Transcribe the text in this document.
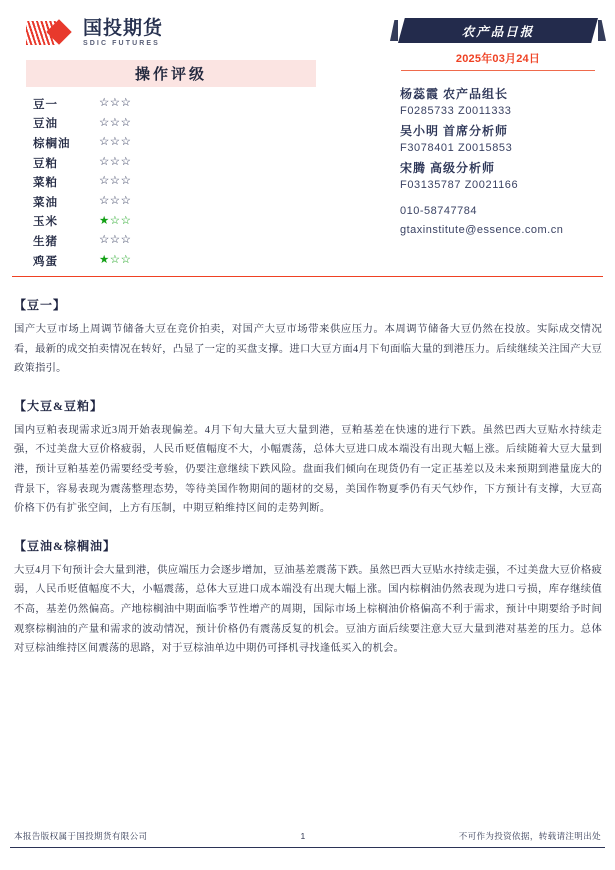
国投期货
SDIC FUTURES
操作评级
豆一	☆☆☆
豆油	☆☆☆
棕榈油	☆☆☆
豆粕	☆☆☆
菜粕	☆☆☆
菜油	☆☆☆
玉米	★☆☆
生猪	☆☆☆
鸡蛋	★☆☆
农产品日报
2025年03月24日
杨蕊霞 农产品组长
F0285733 Z0011333
吴小明 首席分析师
F3078401 Z0015853
宋腾 高级分析师
F03135787 Z0021166
010-58747784
gtaxinstitute@essence.com.cn
【豆一】
国产大豆市场上周调节储备大豆在竞价拍卖，对国产大豆市场带来供应压力。本周调节储备大豆仍然在投放。实际成交情况看，最新的成交拍卖情况在转好，凸显了一定的买盘支撑。进口大豆方面4月下旬面临大量的到港压力。后续继续关注国产大豆政策指引。
【大豆&豆粕】
国内豆粕表现需求近3周开始表现偏差。4月下旬大量大豆大量到港，豆粕基差在快速的进行下跌。虽然巴西大豆贴水持续走强，不过美盘大豆价格疲弱，人民币贬值幅度不大，小幅震荡，总体大豆进口成本端没有出现大幅上涨。后续随着大豆大量到港，预计豆粕基差仍需要经受考验，仍要注意继续下跌风险。盘面我们倾向在现货仍有一定正基差以及未来预期到港量庞大的背景下，容易表现为震荡整理态势，等待美国作物期间的题材的交易，美国作物夏季仍有天气炒作，下方预计有支撑，大豆高价格下仍有扩张空间，上方有压制，中期豆粕维持区间的走势判断。
【豆油&棕榈油】
大豆4月下旬预计会大量到港，供应端压力会逐步增加，豆油基差震荡下跌。虽然巴西大豆贴水持续走强，不过美盘大豆价格疲弱，人民币贬值幅度不大，小幅震荡，总体大豆进口成本端没有出现大幅上涨。国内棕榈油仍然表现为进口亏损，库存继续值不高，基差仍然偏高。产地棕榈油中期面临季节性增产的周期，国际市场上棕榈油价格偏高不利于需求，预计中期要给予时间观察棕榈油的产量和需求的波动情况，预计价格仍有震荡反复的机会。豆油方面后续要注意大豆大量到港对基差的压力。总体对豆棕油维持区间震荡的思路，对于豆棕油单边中期仍可择机寻找逢低买入的机会。
本报告版权属于国投期货有限公司	1	不可作为投资依据，转载请注明出处
